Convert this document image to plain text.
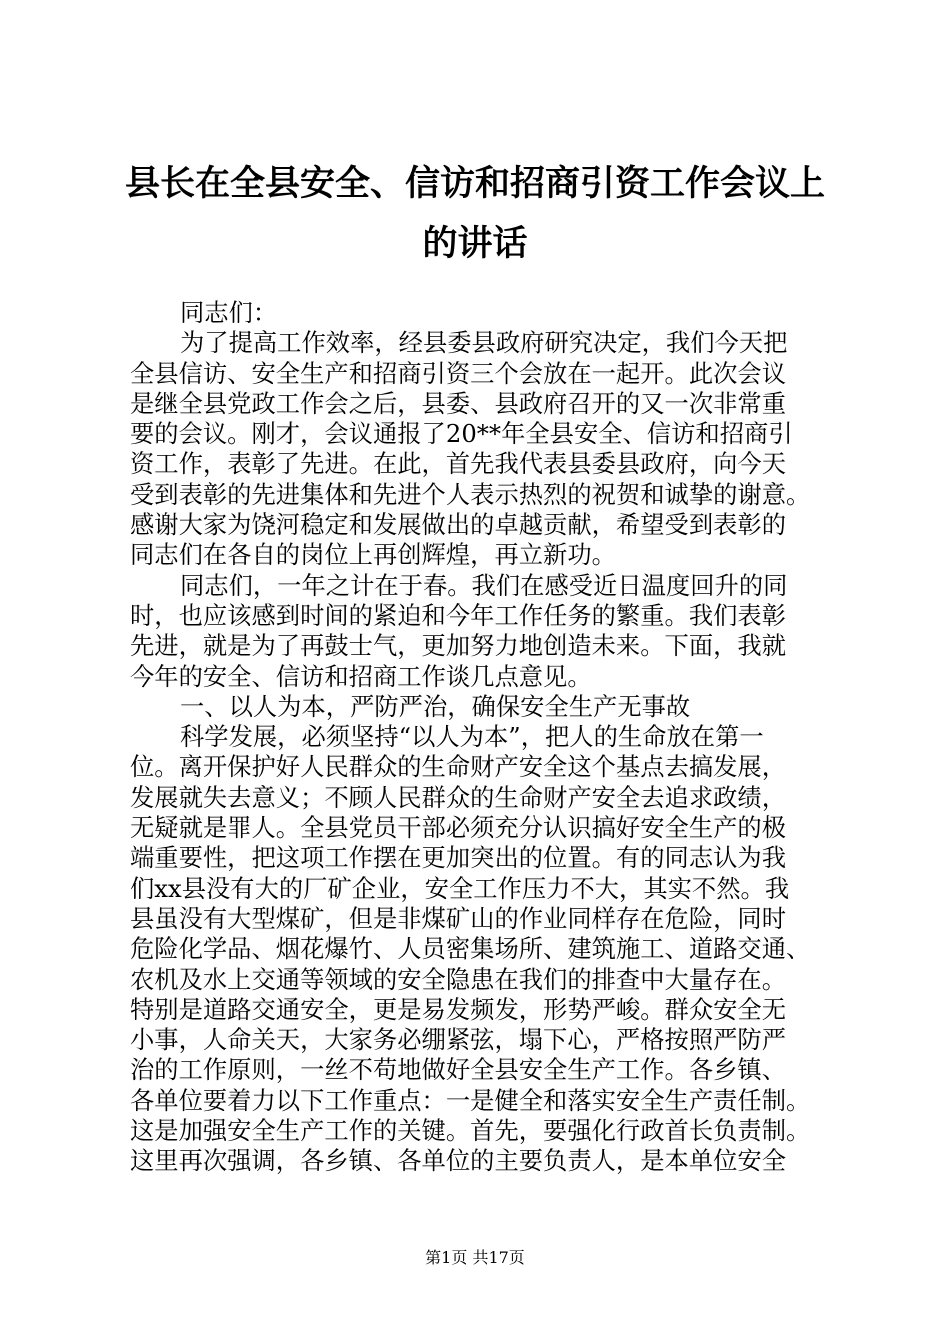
县长在全县安全、信访和招商引资工作会议上
的讲话

同志们：

为了提高工作效率，经县委县政府研究决定，我们今天把
全县信访、安全生产和招商引资三个会放在一起开。此次会议
是继全县党政工作会之后，县委、县政府召开的又一次非常重
要的会议。刚才，会议通报了20**年全县安全、信访和招商引
资工作，表彰了先进。在此，首先我代表县委县政府，向今天
受到表彰的先进集体和先进个人表示热烈的祝贺和诚挚的谢意。
感谢大家为饶河稳定和发展做出的卓越贡献，希望受到表彰的
同志们在各自的岗位上再创辉煌，再立新功。

同志们，一年之计在于春。我们在感受近日温度回升的同
时，也应该感到时间的紧迫和今年工作任务的繁重。我们表彰
先进，就是为了再鼓士气，更加努力地创造未来。下面，我就
今年的安全、信访和招商工作谈几点意见。

一、以人为本，严防严治，确保安全生产无事故

科学发展，必须坚持“以人为本”，把人的生命放在第一
位。离开保护好人民群众的生命财产安全这个基点去搞发展，
发展就失去意义；不顾人民群众的生命财产安全去追求政绩，
无疑就是罪人。全县党员干部必须充分认识搞好安全生产的极
端重要性，把这项工作摆在更加突出的位置。有的同志认为我
们xx县没有大的厂矿企业，安全工作压力不大，其实不然。我
县虽没有大型煤矿，但是非煤矿山的作业同样存在危险，同时
危险化学品、烟花爆竹、人员密集场所、建筑施工、道路交通、
农机及水上交通等领域的安全隐患在我们的排查中大量存在。
特别是道路交通安全，更是易发频发，形势严峻。群众安全无
小事，人命关天，大家务必绷紧弦，塌下心，严格按照严防严
治的工作原则，一丝不苟地做好全县安全生产工作。各乡镇、
各单位要着力以下工作重点：一是健全和落实安全生产责任制。
这是加强安全生产工作的关键。首先，要强化行政首长负责制。
这里再次强调，各乡镇、各单位的主要负责人，是本单位安全

第1页 共17页
